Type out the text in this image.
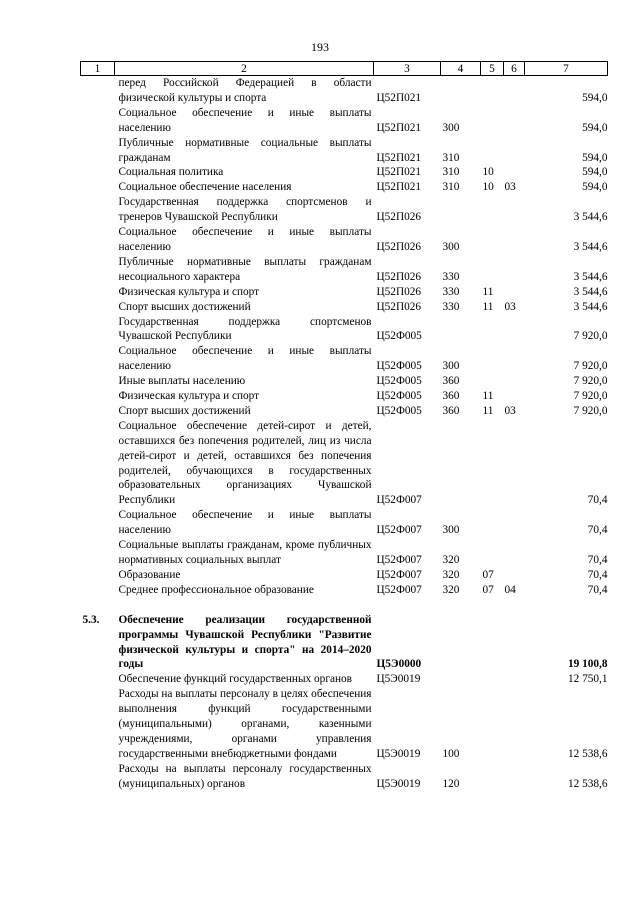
193
1	2	3	4	5	6	7
	перед Российской Федерацией в области физической культуры и спорта	Ц52П021				594,0
	Социальное обеспечение и иные выплаты населению	Ц52П021	300			594,0
	Публичные нормативные социальные выплаты гражданам	Ц52П021	310			594,0
	Социальная политика	Ц52П021	310	10		594,0
	Социальное обеспечение населения	Ц52П021	310	10	03	594,0
	Государственная поддержка спортсменов и тренеров Чувашской Республики	Ц52П026				3 544,6
	Социальное обеспечение и иные выплаты населению	Ц52П026	300			3 544,6
	Публичные нормативные выплаты гражданам несоциального характера	Ц52П026	330			3 544,6
	Физическая культура и спорт	Ц52П026	330	11		3 544,6
	Спорт высших достижений	Ц52П026	330	11	03	3 544,6
	Государственная поддержка спортсменов Чувашской Республики	Ц52Ф005				7 920,0
	Социальное обеспечение и иные выплаты населению	Ц52Ф005	300			7 920,0
	Иные выплаты населению	Ц52Ф005	360			7 920,0
	Физическая культура и спорт	Ц52Ф005	360	11		7 920,0
	Спорт высших достижений	Ц52Ф005	360	11	03	7 920,0
	Социальное обеспечение детей-сирот и детей, оставшихся без попечения родителей, лиц из числа детей-сирот и детей, оставшихся без попечения родителей, обучающихся в государственных образовательных организациях Чувашской Республики	Ц52Ф007				70,4
	Социальное обеспечение и иные выплаты населению	Ц52Ф007	300			70,4
	Социальные выплаты гражданам, кроме публичных нормативных социальных выплат	Ц52Ф007	320			70,4
	Образование	Ц52Ф007	320	07		70,4
	Среднее профессиональное образование	Ц52Ф007	320	07	04	70,4

5.3.	Обеспечение реализации государственной программы Чувашской Республики "Развитие физической культуры и спорта" на 2014–2020 годы	Ц5Э0000				19 100,8
	Обеспечение функций государственных органов	Ц5Э0019				12 750,1
	Расходы на выплаты персоналу в целях обеспечения выполнения функций государственными (муниципальными) органами, казенными учреждениями, органами управления государственными внебюджетными фондами	Ц5Э0019	100			12 538,6
	Расходы на выплаты персоналу государственных (муниципальных) органов	Ц5Э0019	120			12 538,6
